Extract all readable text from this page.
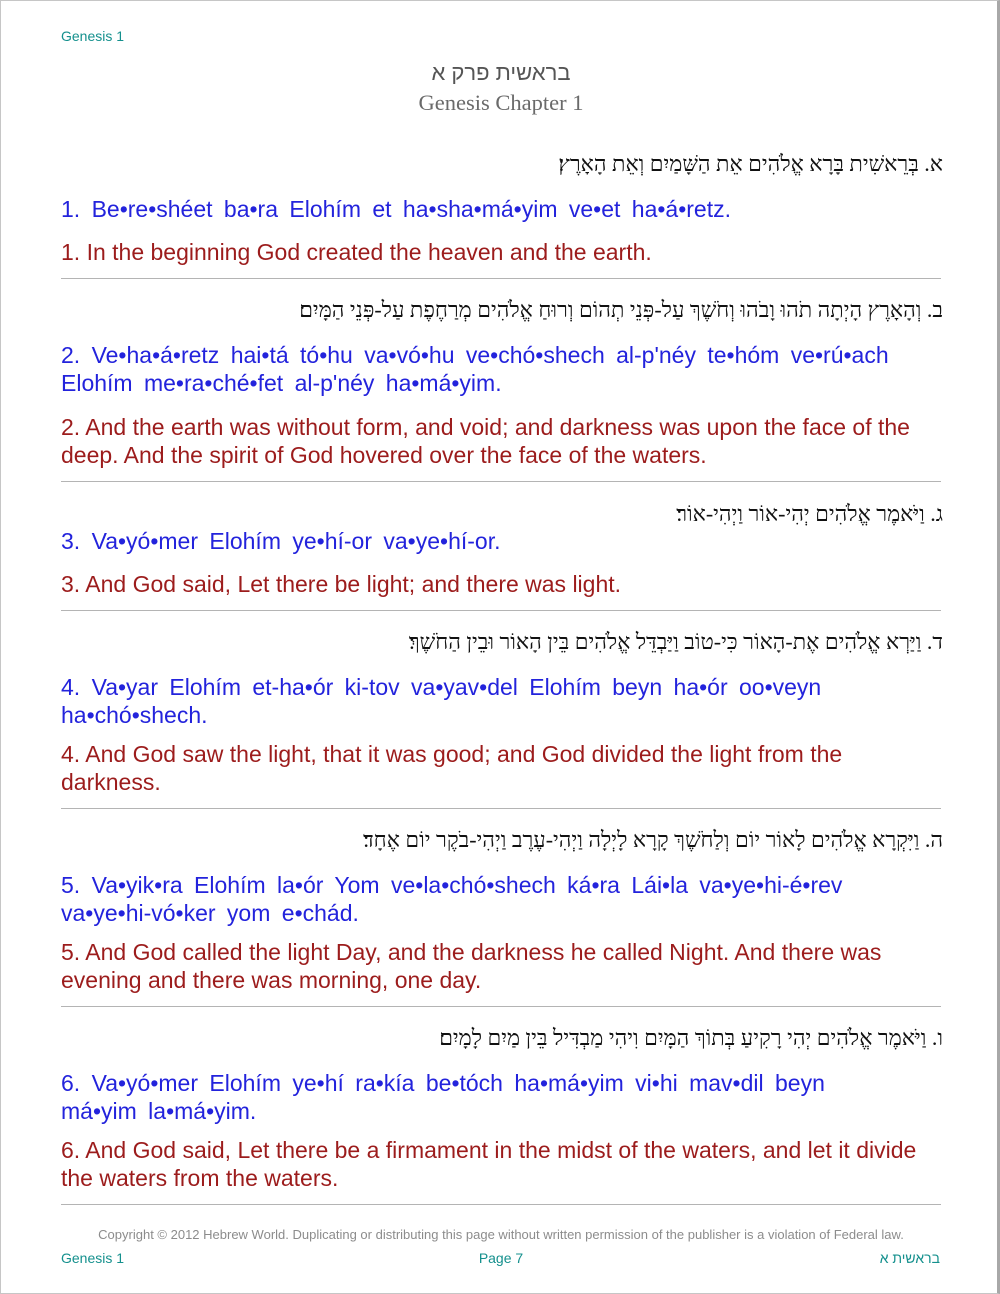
Genesis 1
בראשית פרק א
Genesis Chapter 1
א. בְּרֵאשִׁית בָּרָא אֱלֹהִים אֵת הַשָּׁמַיִם וְאֵת הָאָרֶץ׃
1. Be•re•shéet ba•ra Elohím et ha•sha•má•yim ve•et ha•á•retz.
1. In the beginning God created the heaven and the earth.
ב. וְהָאָרֶץ הָיְתָה תֹהוּ וָבֹהוּ וְחֹשֶׁךְ עַל-פְּנֵי תְהוֹם וְרוּחַ אֱלֹהִים מְרַחֶפֶת עַל-פְּנֵי הַמָּיִם׃
2. Ve•ha•á•retz hai•tá tó•hu va•vó•hu ve•chó•shech al-p'néy te•hóm ve•rú•ach
Elohím me•ra•ché•fet al-p'néy ha•má•yim.
2. And the earth was without form, and void; and darkness was upon the face of the
deep. And the spirit of God hovered over the face of the waters.
ג. וַיֹּאמֶר אֱלֹהִים יְהִי-אוֹר וַיְהִי-אוֹר׃
3. Va•yó•mer Elohím ye•hí-or va•ye•hí-or.
3. And God said, Let there be light; and there was light.
ד. וַיַּרְא אֱלֹהִים אֶת-הָאוֹר כִּי-טוֹב וַיַּבְדֵּל אֱלֹהִים בֵּין הָאוֹר וּבֵין הַחֹשֶׁךְ׃
4. Va•yar Elohím et-ha•ór ki-tov va•yav•del Elohím beyn ha•ór oo•veyn
ha•chó•shech.
4. And God saw the light, that it was good; and God divided the light from the
darkness.
ה. וַיִּקְרָא אֱלֹהִים לָאוֹר יוֹם וְלַחֹשֶׁךְ קָרָא לָיְלָה וַיְהִי-עֶרֶב וַיְהִי-בֹקֶר יוֹם אֶחָד׃
5. Va•yik•ra Elohím la•ór Yom ve•la•chó•shech ká•ra Lái•la va•ye•hi-é•rev
va•ye•hi-vó•ker yom e•chád.
5. And God called the light Day, and the darkness he called Night. And there was
evening and there was morning, one day.
ו. וַיֹּאמֶר אֱלֹהִים יְהִי רָקִיעַ בְּתוֹךְ הַמָּיִם וִיהִי מַבְדִּיל בֵּין מַיִם לָמָיִם׃
6. Va•yó•mer Elohím ye•hí ra•kía be•tóch ha•má•yim vi•hi mav•dil beyn
má•yim la•má•yim.
6. And God said, Let there be a firmament in the midst of the waters, and let it divide
the waters from the waters.
Copyright © 2012 Hebrew World. Duplicating or distributing this page without written permission of the publisher is a violation of Federal law.
Genesis 1	Page 7	בראשית א
